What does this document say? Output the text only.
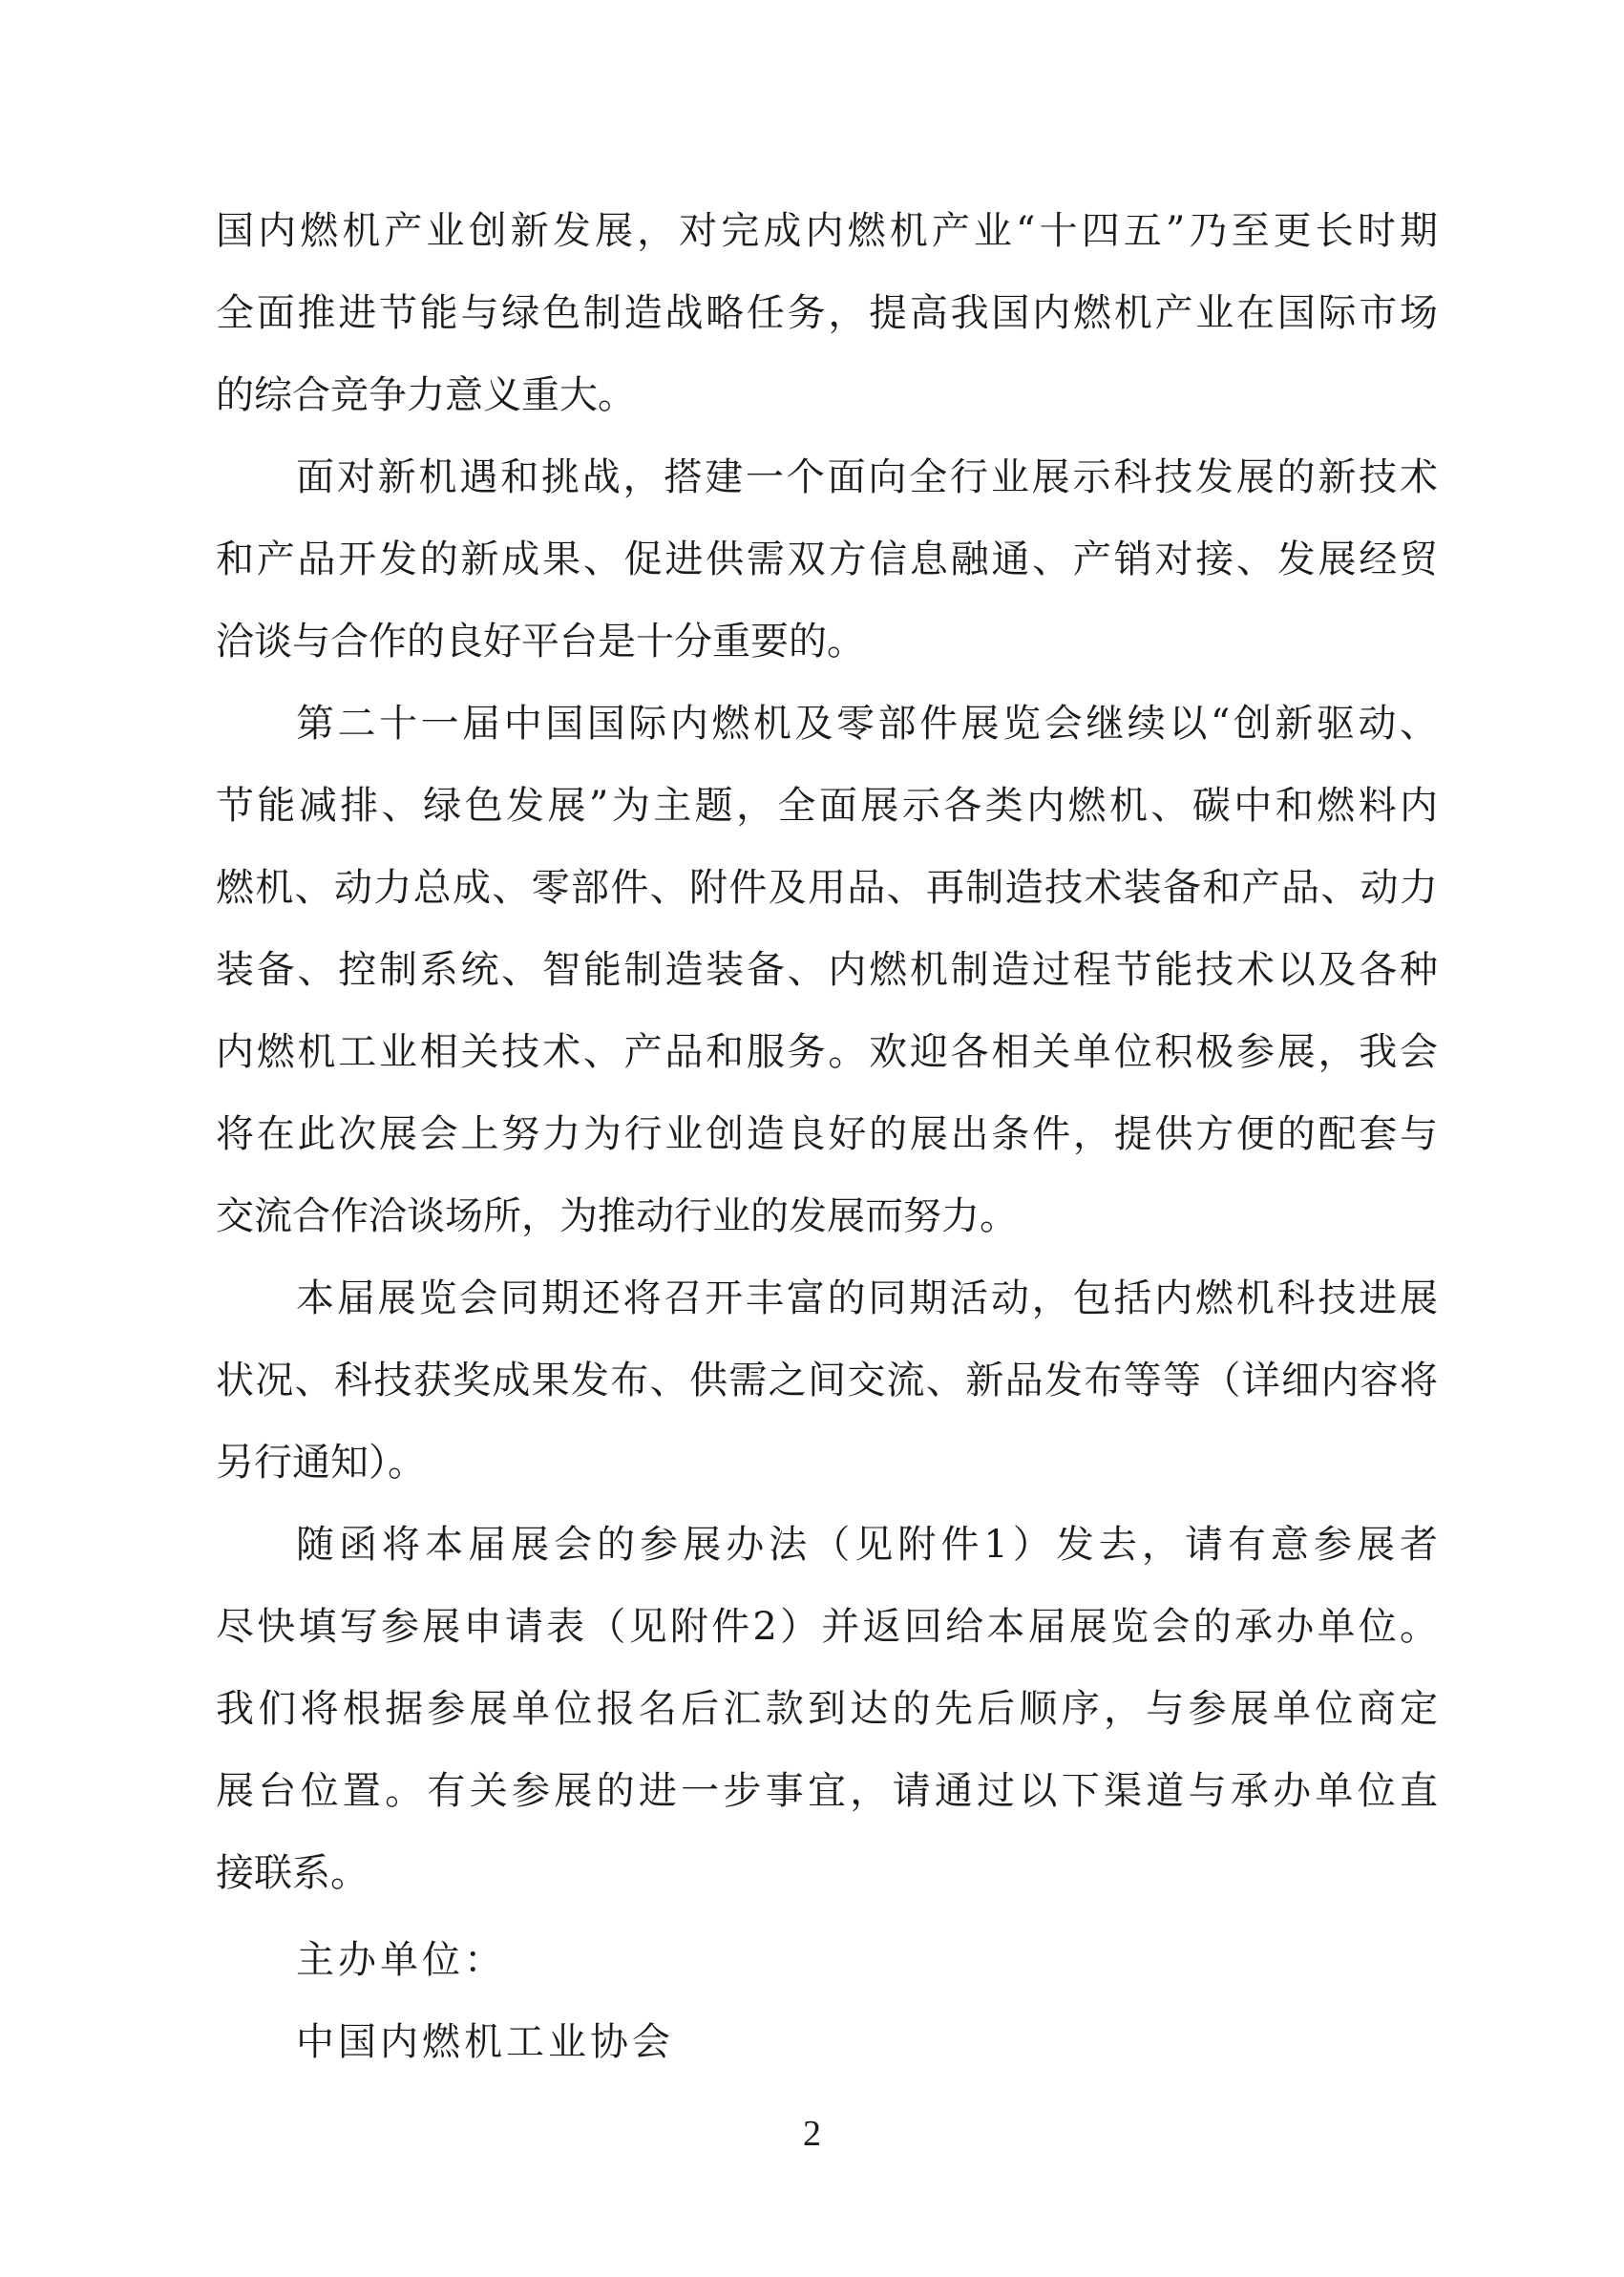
国内燃机产业创新发展，对完成内燃机产业“十四五”乃至更长时期
全面推进节能与绿色制造战略任务，提高我国内燃机产业在国际市场
的综合竞争力意义重大。
面对新机遇和挑战，搭建一个面向全行业展示科技发展的新技术
和产品开发的新成果、促进供需双方信息融通、产销对接、发展经贸
洽谈与合作的良好平台是十分重要的。
第二十一届中国国际内燃机及零部件展览会继续以“创新驱动、
节能减排、绿色发展”为主题，全面展示各类内燃机、碳中和燃料内
燃机、动力总成、零部件、附件及用品、再制造技术装备和产品、动力
装备、控制系统、智能制造装备、内燃机制造过程节能技术以及各种
内燃机工业相关技术、产品和服务。欢迎各相关单位积极参展，我会
将在此次展会上努力为行业创造良好的展出条件，提供方便的配套与
交流合作洽谈场所，为推动行业的发展而努力。
本届展览会同期还将召开丰富的同期活动，包括内燃机科技进展
状况、科技获奖成果发布、供需之间交流、新品发布等等（详细内容将
另行通知）。
随函将本届展会的参展办法（见附件1）发去，请有意参展者
尽快填写参展申请表（见附件2）并返回给本届展览会的承办单位。
我们将根据参展单位报名后汇款到达的先后顺序，与参展单位商定
展台位置。有关参展的进一步事宜，请通过以下渠道与承办单位直
接联系。
主办单位：
中国内燃机工业协会
2
